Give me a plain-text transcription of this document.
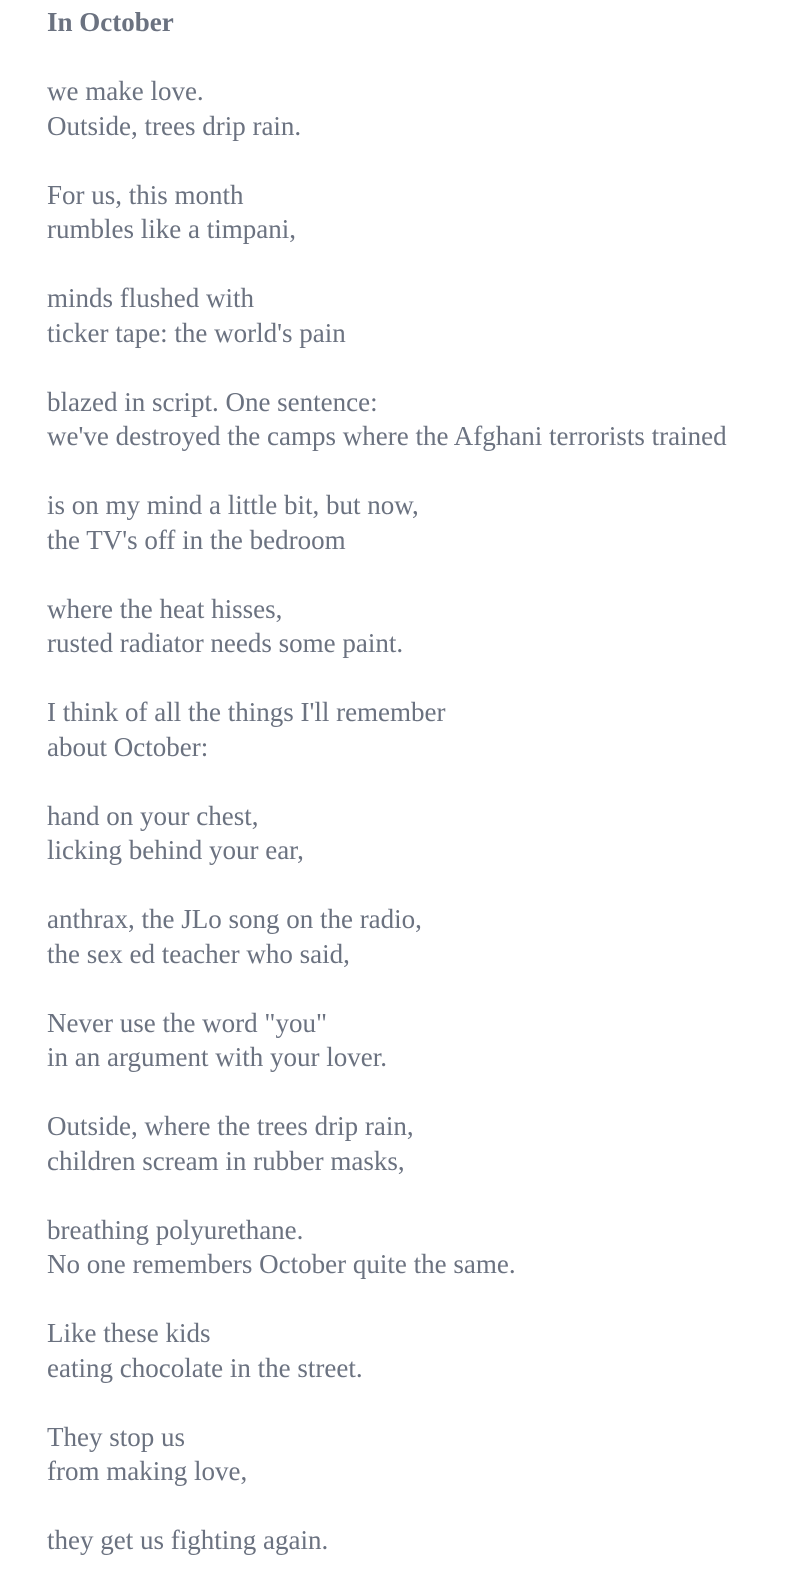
In October
we make love.
Outside, trees drip rain.
For us, this month
rumbles like a timpani,
minds flushed with
ticker tape: the world's pain
blazed in script. One sentence:
we've destroyed the camps where the Afghani terrorists trained
is on my mind a little bit, but now,
the TV's off in the bedroom
where the heat hisses,
rusted radiator needs some paint.
I think of all the things I'll remember
about October:
hand on your chest,
licking behind your ear,
anthrax, the JLo song on the radio,
the sex ed teacher who said,
Never use the word "you"
in an argument with your lover.
Outside, where the trees drip rain,
children scream in rubber masks,
breathing polyurethane.
No one remembers October quite the same.
Like these kids
eating chocolate in the street.
They stop us
from making love,
they get us fighting again.
